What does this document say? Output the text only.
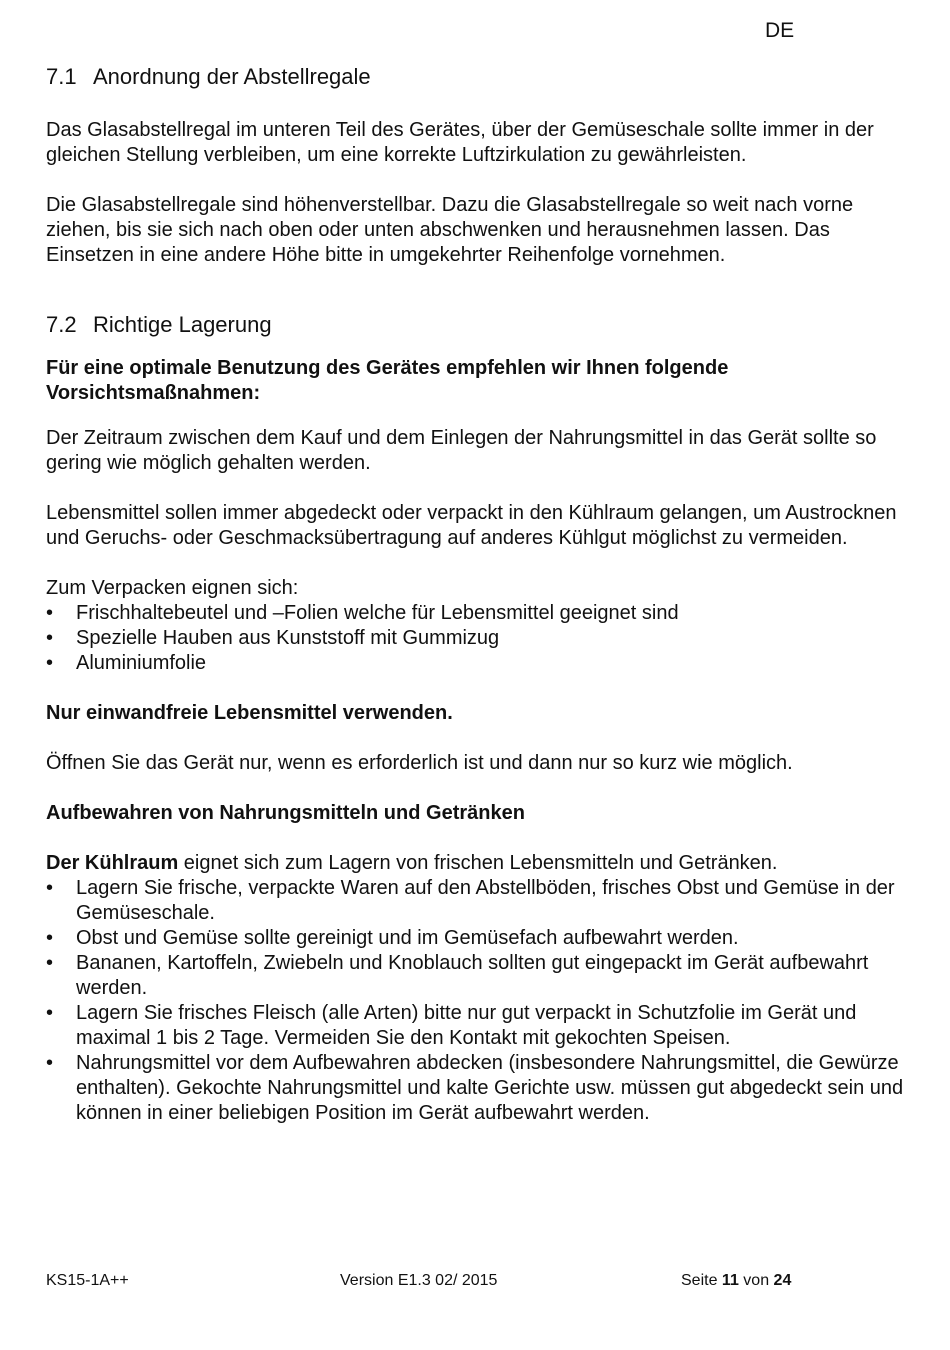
DE
7.1 Anordnung der Abstellregale

Das Glasabstellregal im unteren Teil des Gerätes, über der Gemüseschale sollte immer in der gleichen Stellung verbleiben, um eine korrekte Luftzirkulation zu gewährleisten.

Die Glasabstellregale sind höhenverstellbar. Dazu die Glasabstellregale so weit nach vorne ziehen, bis sie sich nach oben oder unten abschwenken und herausnehmen lassen. Das Einsetzen in eine andere Höhe bitte in umgekehrter Reihenfolge vornehmen.

7.2 Richtige Lagerung

Für eine optimale Benutzung des Gerätes empfehlen wir Ihnen folgende Vorsichtsmaßnahmen:

Der Zeitraum zwischen dem Kauf und dem Einlegen der Nahrungsmittel in das Gerät sollte so gering wie möglich gehalten werden.

Lebensmittel sollen immer abgedeckt oder verpackt in den Kühlraum gelangen, um Austrocknen und Geruchs- oder Geschmacksübertragung auf anderes Kühlgut möglichst zu vermeiden.

Zum Verpacken eignen sich:

• Frischhaltebeutel und –Folien welche für Lebensmittel geeignet sind
• Spezielle Hauben aus Kunststoff mit Gummizug
• Aluminiumfolie

Nur einwandfreie Lebensmittel verwenden.

Öffnen Sie das Gerät nur, wenn es erforderlich ist und dann nur so kurz wie möglich.

Aufbewahren von Nahrungsmitteln und Getränken

Der Kühlraum eignet sich zum Lagern von frischen Lebensmitteln und Getränken.

• Lagern Sie frische, verpackte Waren auf den Abstellböden, frisches Obst und Gemüse in der Gemüseschale.
• Obst und Gemüse sollte gereinigt und im Gemüsefach aufbewahrt werden.
• Bananen, Kartoffeln, Zwiebeln und Knoblauch sollten gut eingepackt im Gerät aufbewahrt werden.
• Lagern Sie frisches Fleisch (alle Arten) bitte nur gut verpackt in Schutzfolie im Gerät und maximal 1 bis 2 Tage. Vermeiden Sie den Kontakt mit gekochten Speisen.
• Nahrungsmittel vor dem Aufbewahren abdecken (insbesondere Nahrungsmittel, die Gewürze enthalten). Gekochte Nahrungsmittel und kalte Gerichte usw. müssen gut abgedeckt sein und können in einer beliebigen Position im Gerät aufbewahrt werden.
KS15-1A++	Version E1.3 02/ 2015	Seite 11 von 24
